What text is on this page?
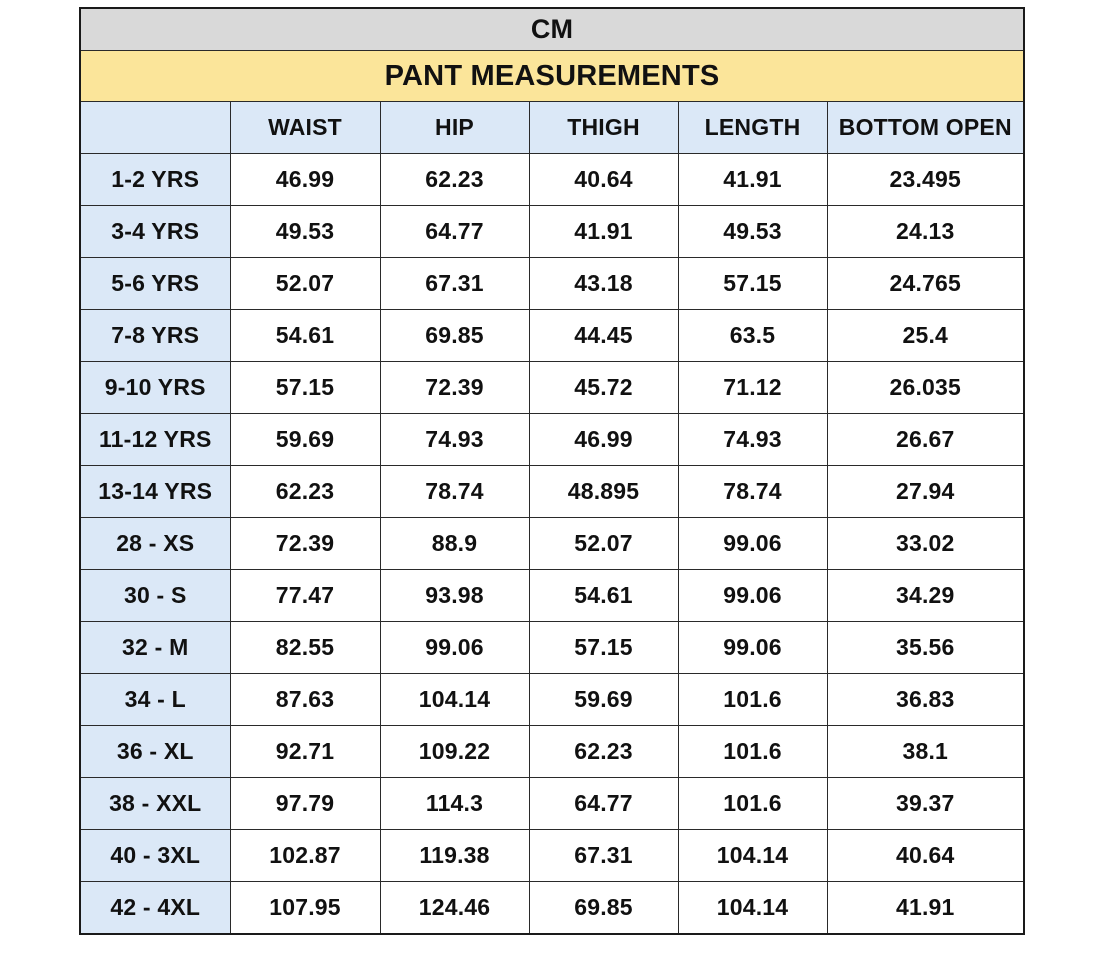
CM					
PANT MEASUREMENTS					
	WAIST	HIP	THIGH	LENGTH	BOTTOM OPEN
1-2 YRS	46.99	62.23	40.64	41.91	23.495
3-4 YRS	49.53	64.77	41.91	49.53	24.13
5-6 YRS	52.07	67.31	43.18	57.15	24.765
7-8 YRS	54.61	69.85	44.45	63.5	25.4
9-10 YRS	57.15	72.39	45.72	71.12	26.035
11-12 YRS	59.69	74.93	46.99	74.93	26.67
13-14 YRS	62.23	78.74	48.895	78.74	27.94
28 - XS	72.39	88.9	52.07	99.06	33.02
30 - S	77.47	93.98	54.61	99.06	34.29
32 - M	82.55	99.06	57.15	99.06	35.56
34 - L	87.63	104.14	59.69	101.6	36.83
36 - XL	92.71	109.22	62.23	101.6	38.1
38 - XXL	97.79	114.3	64.77	101.6	39.37
40 - 3XL	102.87	119.38	67.31	104.14	40.64
42 - 4XL	107.95	124.46	69.85	104.14	41.91
